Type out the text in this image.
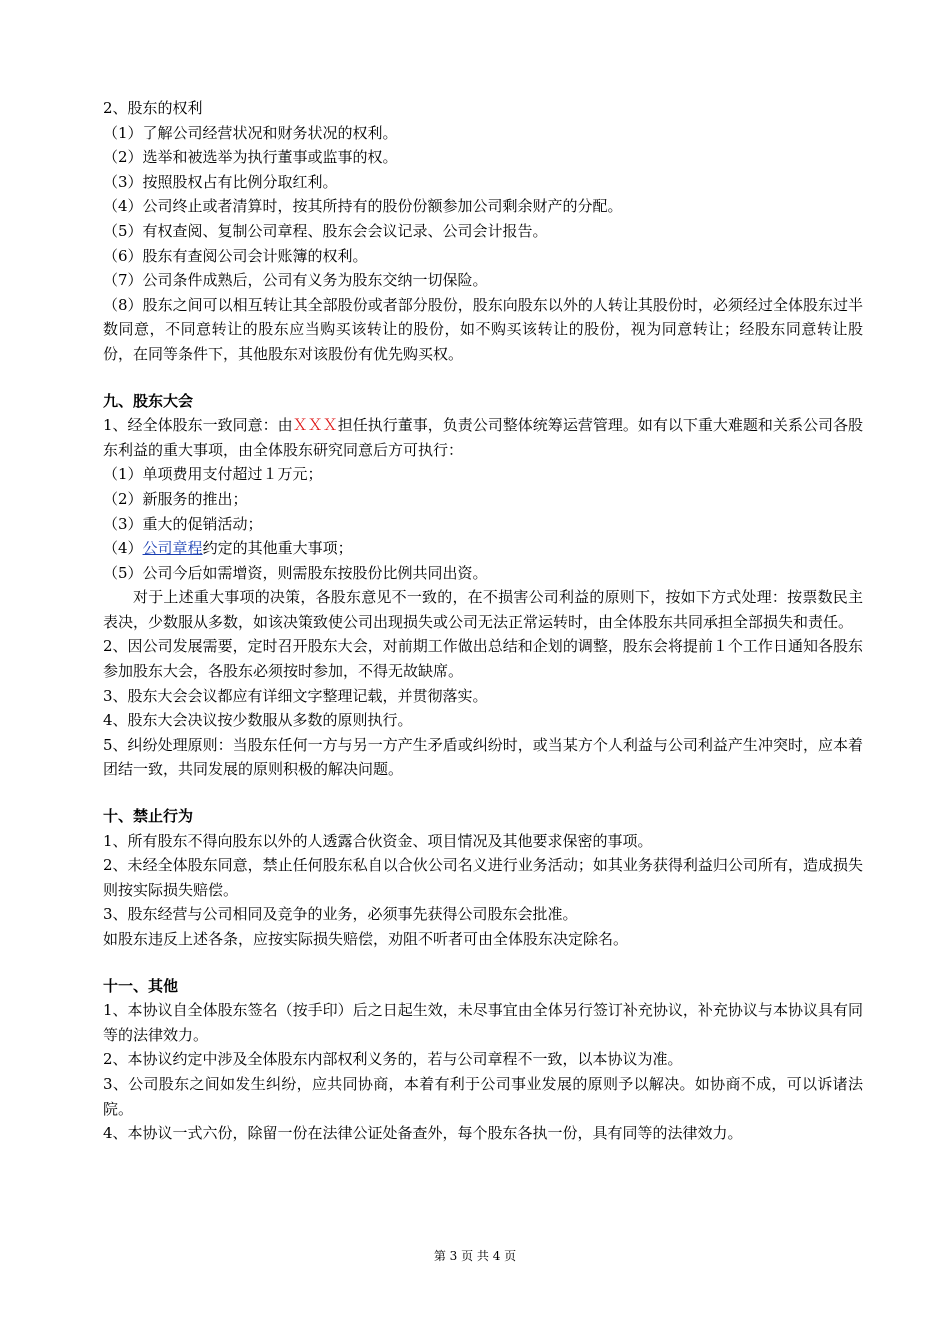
2、股东的权利

（1）了解公司经营状况和财务状况的权利。

（2）选举和被选举为执行董事或监事的权。

（3）按照股权占有比例分取红利。

（4）公司终止或者清算时，按其所持有的股份份额参加公司剩余财产的分配。

（5）有权查阅、复制公司章程、股东会会议记录、公司会计报告。

（6）股东有查阅公司会计账簿的权利。

（7）公司条件成熟后，公司有义务为股东交纳一切保险。

（8）股东之间可以相互转让其全部股份或者部分股份，股东向股东以外的人转让其股份时，必须经过全体股东过半数同意，不同意转让的股东应当购买该转让的股份，如不购买该转让的股份，视为同意转让；经股东同意转让股份，在同等条件下，其他股东对该股份有优先购买权。

九、股东大会

1、经全体股东一致同意：由ＸＸＸ担任执行董事，负责公司整体统筹运营管理。如有以下重大难题和关系公司各股东利益的重大事项，由全体股东研究同意后方可执行：

（1）单项费用支付超过１万元；

（2）新服务的推出；

（3）重大的促销活动；

（4）公司章程约定的其他重大事项；

（5）公司今后如需增资，则需股东按股份比例共同出资。

对于上述重大事项的决策，各股东意见不一致的，在不损害公司利益的原则下，按如下方式处理：按票数民主表决，少数服从多数，如该决策致使公司出现损失或公司无法正常运转时，由全体股东共同承担全部损失和责任。

2、因公司发展需要，定时召开股东大会，对前期工作做出总结和企划的调整，股东会将提前１个工作日通知各股东参加股东大会，各股东必须按时参加，不得无故缺席。

3、股东大会会议都应有详细文字整理记载，并贯彻落实。

4、股东大会决议按少数服从多数的原则执行。

5、纠纷处理原则：当股东任何一方与另一方产生矛盾或纠纷时，或当某方个人利益与公司利益产生冲突时，应本着团结一致，共同发展的原则积极的解决问题。

十、禁止行为

1、所有股东不得向股东以外的人透露合伙资金、项目情况及其他要求保密的事项。

2、未经全体股东同意，禁止任何股东私自以合伙公司名义进行业务活动；如其业务获得利益归公司所有，造成损失则按实际损失赔偿。

3、股东经营与公司相同及竞争的业务，必须事先获得公司股东会批准。

如股东违反上述各条，应按实际损失赔偿，劝阻不听者可由全体股东决定除名。

十一、其他

1、本协议自全体股东签名（按手印）后之日起生效，未尽事宜由全体另行签订补充协议，补充协议与本协议具有同等的法律效力。

2、本协议约定中涉及全体股东内部权利义务的，若与公司章程不一致，以本协议为准。

3、公司股东之间如发生纠纷，应共同协商，本着有利于公司事业发展的原则予以解决。如协商不成，可以诉诸法院。

4、本协议一式六份，除留一份在法律公证处备查外，每个股东各执一份，具有同等的法律效力。

第 3 页 共 4 页
